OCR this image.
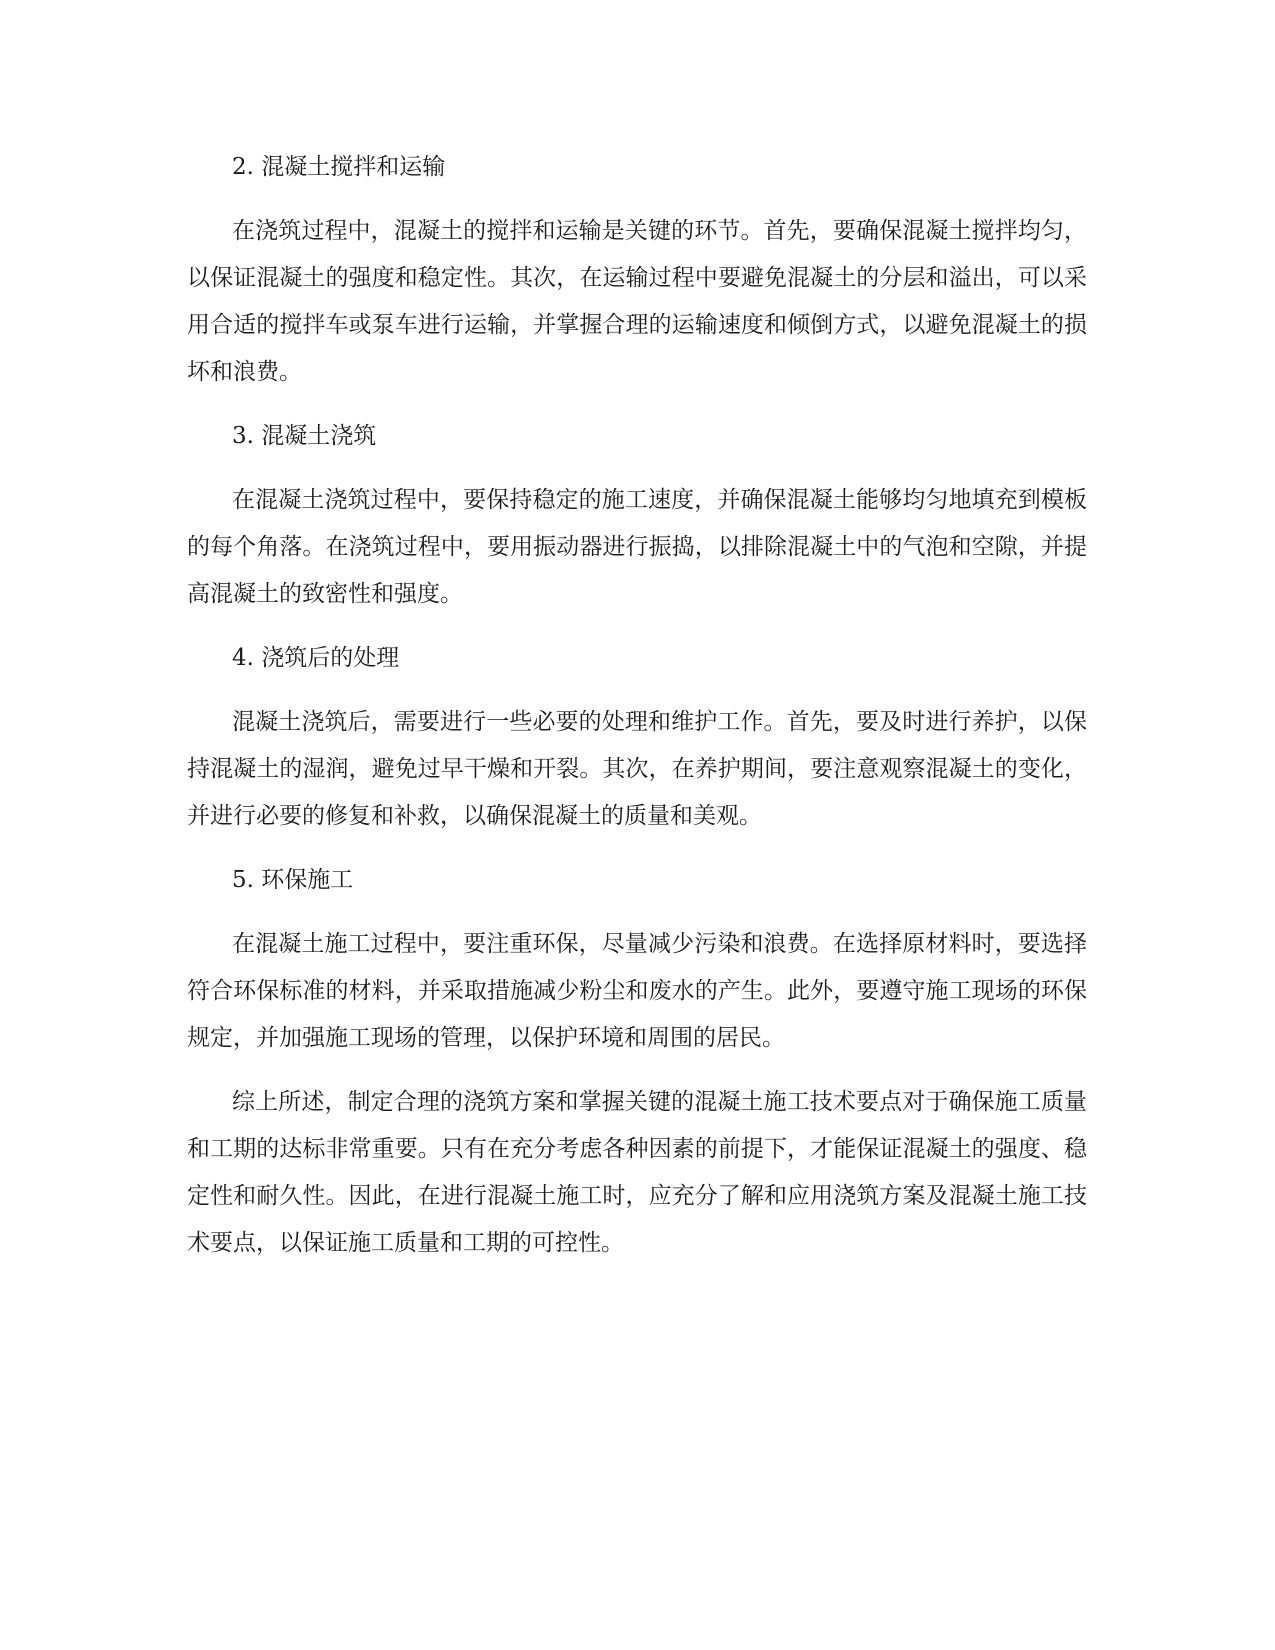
2. 混凝土搅拌和运输

在浇筑过程中，混凝土的搅拌和运输是关键的环节。首先，要确保混凝土搅拌均匀，以保证混凝土的强度和稳定性。其次，在运输过程中要避免混凝土的分层和溢出，可以采用合适的搅拌车或泵车进行运输，并掌握合理的运输速度和倾倒方式，以避免混凝土的损坏和浪费。

3. 混凝土浇筑

在混凝土浇筑过程中，要保持稳定的施工速度，并确保混凝土能够均匀地填充到模板的每个角落。在浇筑过程中，要用振动器进行振捣，以排除混凝土中的气泡和空隙，并提高混凝土的致密性和强度。

4. 浇筑后的处理

混凝土浇筑后，需要进行一些必要的处理和维护工作。首先，要及时进行养护，以保持混凝土的湿润，避免过早干燥和开裂。其次，在养护期间，要注意观察混凝土的变化，并进行必要的修复和补救，以确保混凝土的质量和美观。

5. 环保施工

在混凝土施工过程中，要注重环保，尽量减少污染和浪费。在选择原材料时，要选择符合环保标准的材料，并采取措施减少粉尘和废水的产生。此外，要遵守施工现场的环保规定，并加强施工现场的管理，以保护环境和周围的居民。

综上所述，制定合理的浇筑方案和掌握关键的混凝土施工技术要点对于确保施工质量和工期的达标非常重要。只有在充分考虑各种因素的前提下，才能保证混凝土的强度、稳定性和耐久性。因此，在进行混凝土施工时，应充分了解和应用浇筑方案及混凝土施工技术要点，以保证施工质量和工期的可控性。
